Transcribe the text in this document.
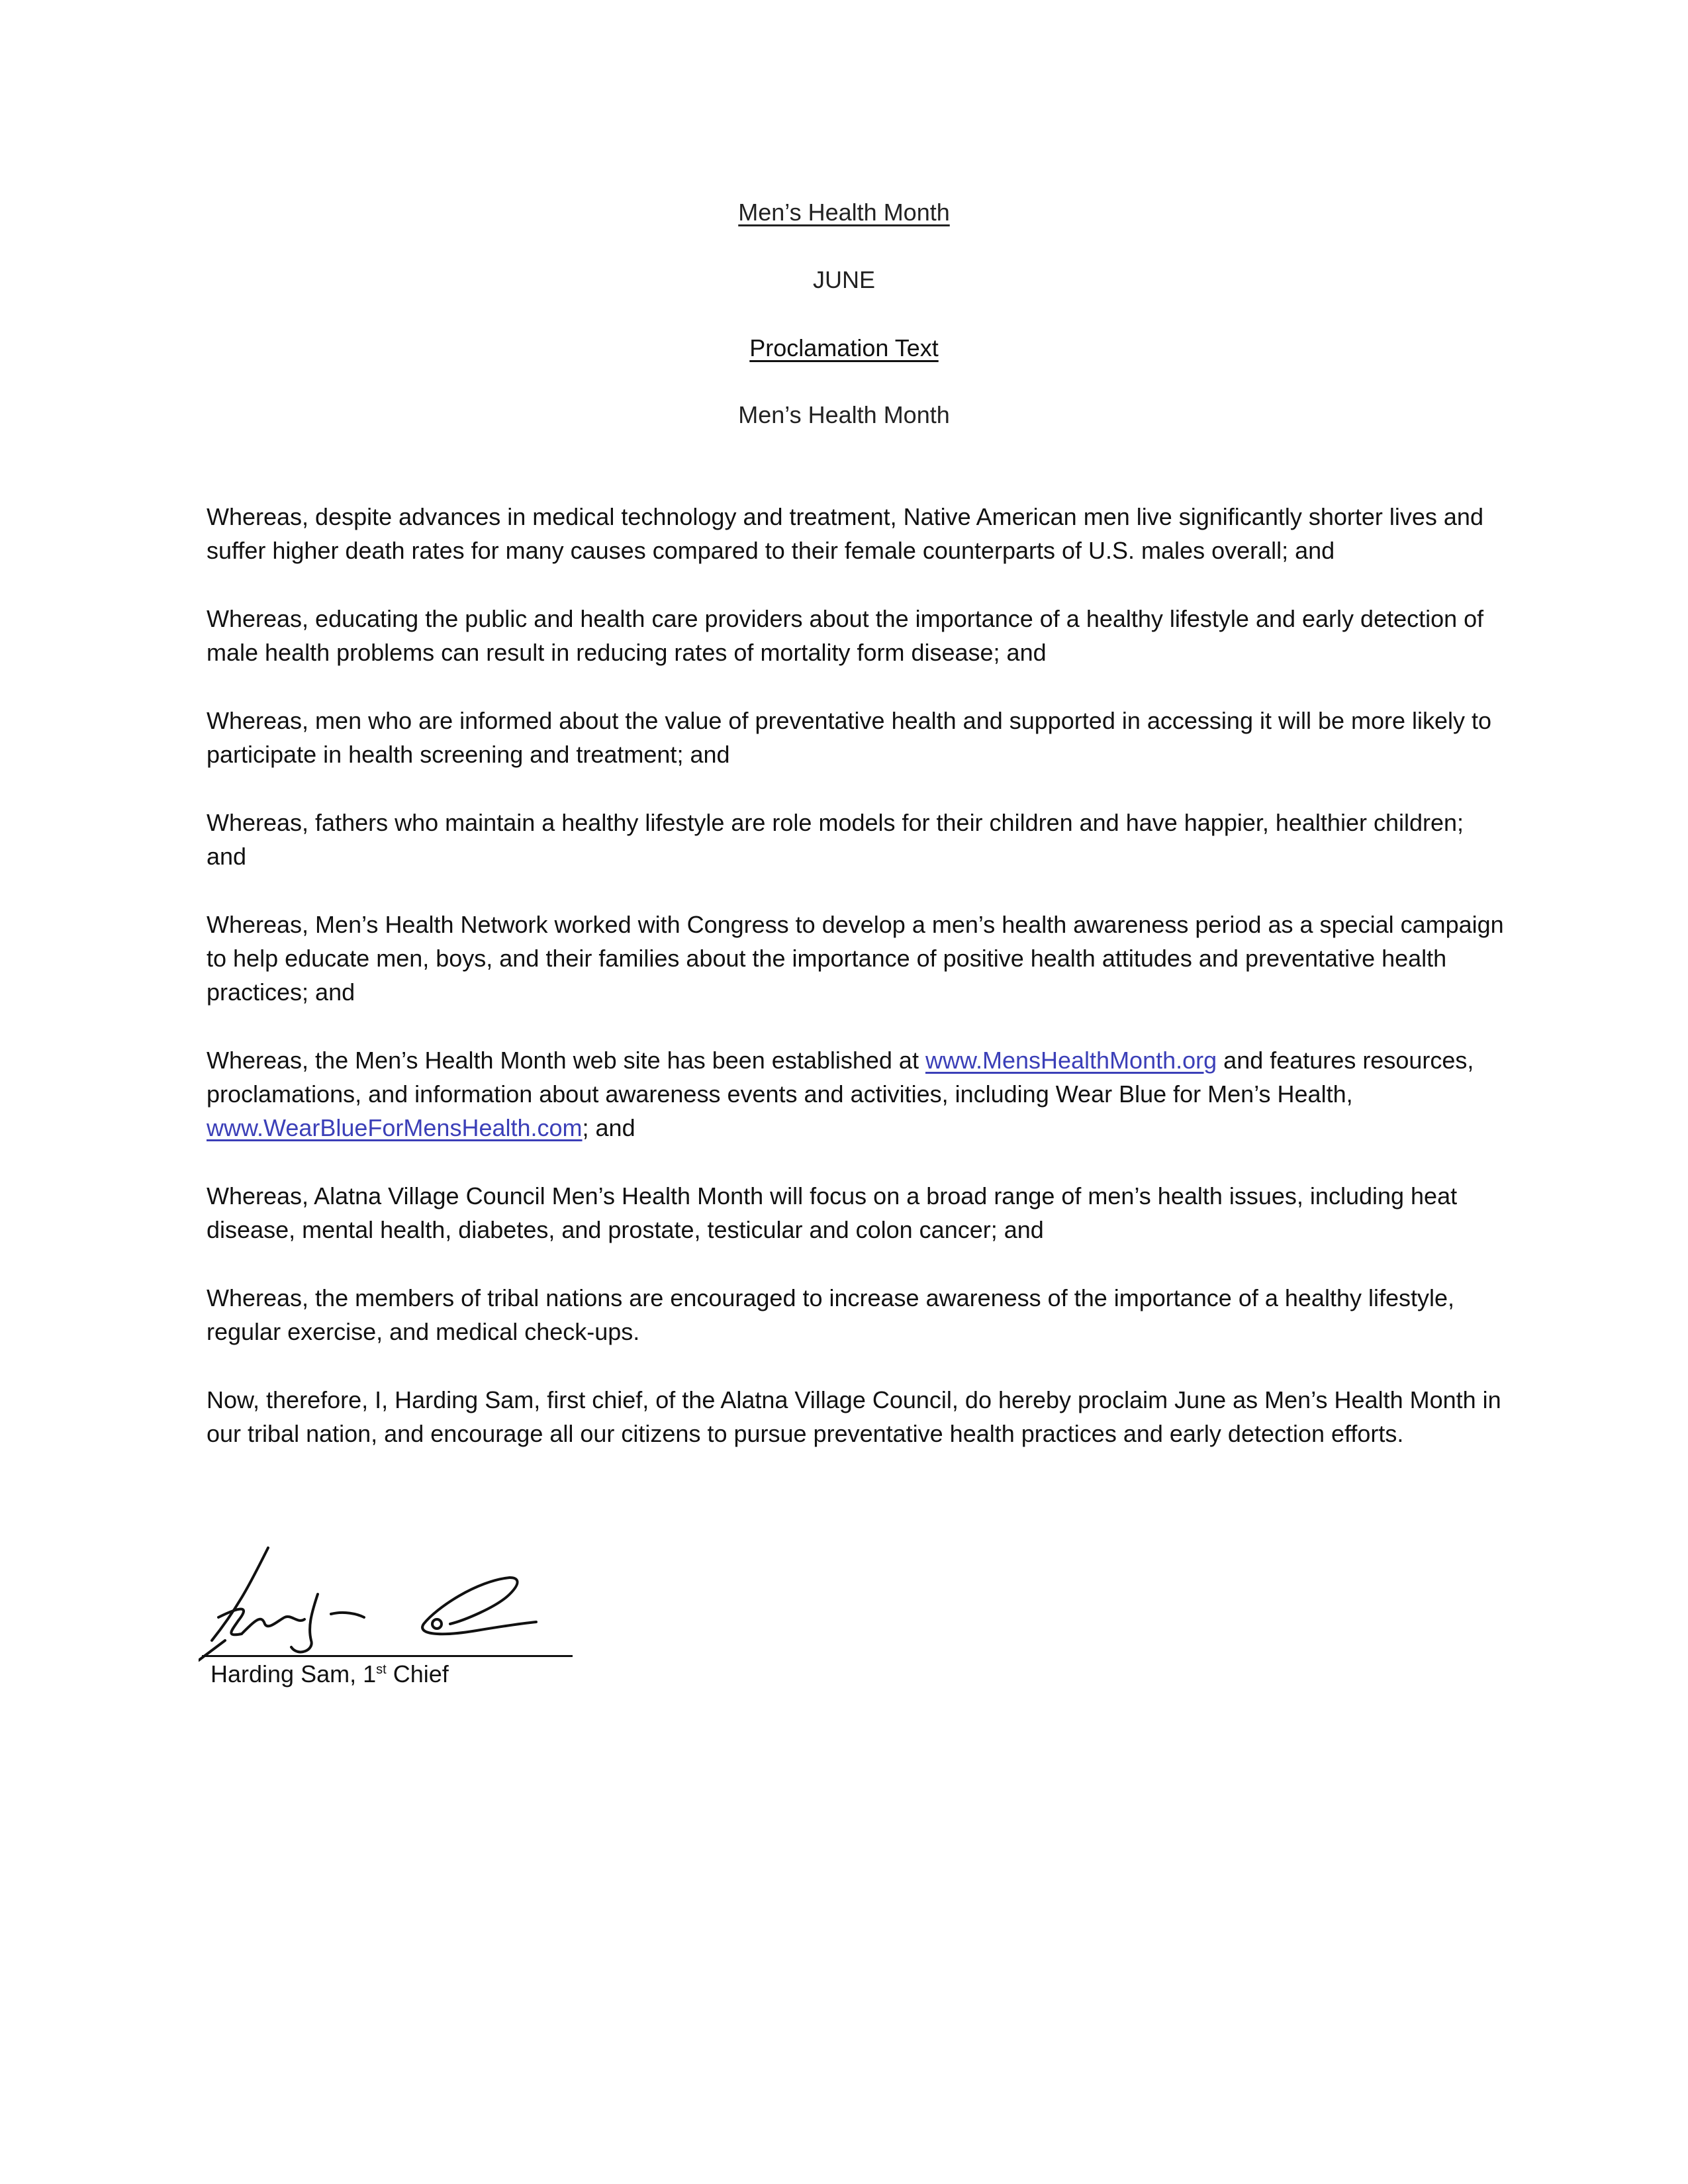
Men’s Health Month
JUNE
Proclamation Text
Men’s Health Month

Whereas, despite advances in medical technology and treatment, Native American men live significantly shorter lives and suffer higher death rates for many causes compared to their female counterparts of U.S. males overall; and

Whereas, educating the public and health care providers about the importance of a healthy lifestyle and early detection of male health problems can result in reducing rates of mortality form disease; and

Whereas, men who are informed about the value of preventative health and supported in accessing it will be more likely to participate in health screening and treatment; and

Whereas, fathers who maintain a healthy lifestyle are role models for their children and have happier, healthier children; and

Whereas, Men’s Health Network worked with Congress to develop a men’s health awareness period as a special campaign to help educate men, boys, and their families about the importance of positive health attitudes and preventative health practices; and

Whereas, the Men’s Health Month web site has been established at www.MensHealthMonth.org and features resources, proclamations, and information about awareness events and activities, including Wear Blue for Men’s Health, www.WearBlueForMensHealth.com; and

Whereas, Alatna Village Council Men’s Health Month will focus on a broad range of men’s health issues, including heat disease, mental health, diabetes, and prostate, testicular and colon cancer; and

Whereas, the members of tribal nations are encouraged to increase awareness of the importance of a healthy lifestyle, regular exercise, and medical check-ups.

Now, therefore, I, Harding Sam, first chief, of the Alatna Village Council, do hereby proclaim June as Men’s Health Month in our tribal nation, and encourage all our citizens to pursue preventative health practices and early detection efforts.

Harding Sam, 1st Chief
